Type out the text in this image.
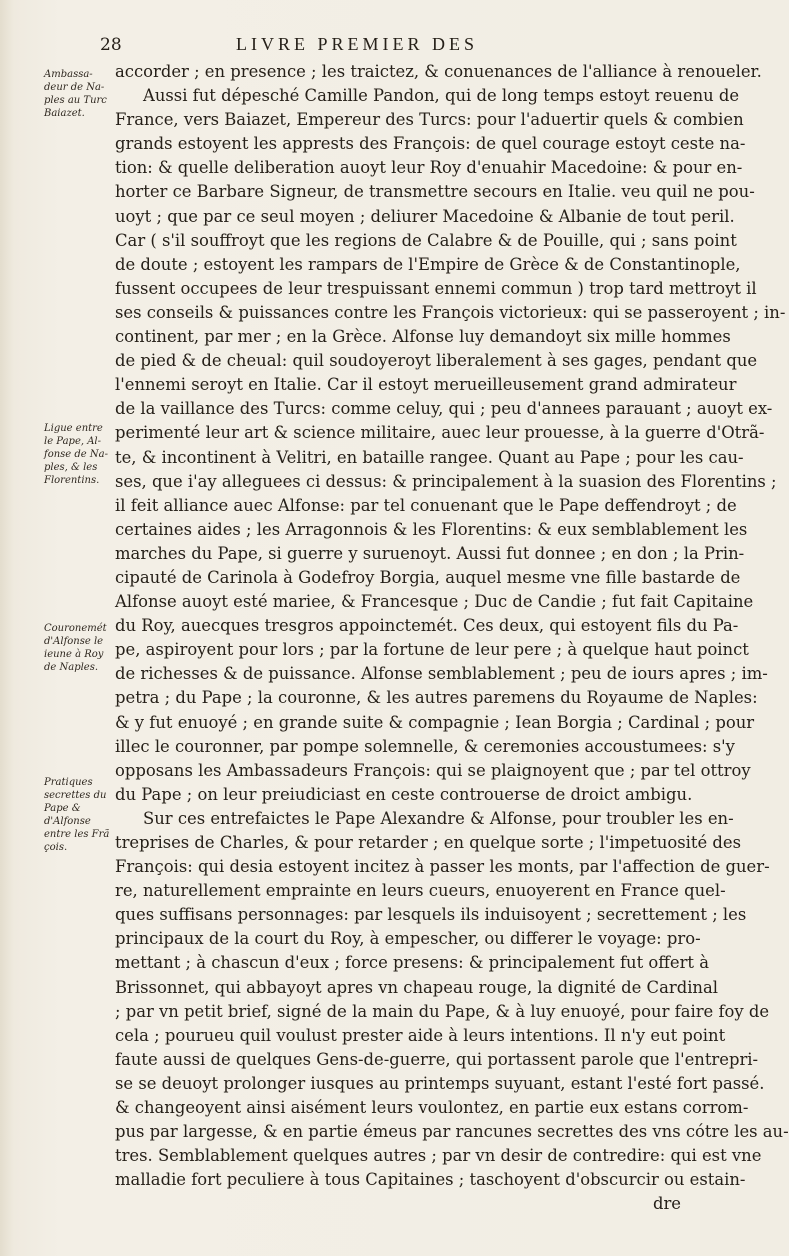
28	LIVRE PREMIER DES
Ambassa-
deur de Na-
ples au Turc
Baiazet.
Ligue entre
le Pape, Al-
fonse de Na-
ples, & les
Florentins.
Couronemét
d'Alfonse le
ieune à Roy
de Naples.
Pratiques
secrettes du
Pape &
d'Alfonse
entre les Frã
çois.
accorder ; en presence ; les traictez, & conuenances de l'alliance à renoueler.
Aussi fut dépesché Camille Pandon, qui de long temps estoyt reuenu de
France, vers Baiazet, Empereur des Turcs: pour l'aduertir quels & combien
grands estoyent les apprests des François: de quel courage estoyt ceste na-
tion: & quelle deliberation auoyt leur Roy d'enuahir Macedoine: & pour en-
horter ce Barbare Signeur, de transmettre secours en Italie. veu quil ne pou-
uoyt ; que par ce seul moyen ; deliurer Macedoine & Albanie de tout peril.
Car ( s'il souffroyt que les regions de Calabre & de Pouille, qui ; sans point
de doute ; estoyent les rampars de l'Empire de Grèce & de Constantinople,
fussent occupees de leur trespuissant ennemi commun ) trop tard mettroyt il
ses conseils & puissances contre les François victorieux: qui se passeroyent ; in-
continent, par mer ; en la Grèce. Alfonse luy demandoyt six mille hommes
de pied & de cheual: quil soudoyeroyt liberalement à ses gages, pendant que
l'ennemi seroyt en Italie. Car il estoyt merueilleusement grand admirateur
de la vaillance des Turcs: comme celuy, qui ; peu d'annees parauant ; auoyt ex-
perimenté leur art & science militaire, auec leur prouesse, à la guerre d'Otrã-
te, & incontinent à Velitri, en bataille rangee. Quant au Pape ; pour les cau-
ses, que i'ay alleguees ci dessus: & principalement à la suasion des Florentins ;
il feit alliance auec Alfonse: par tel conuenant que le Pape deffendroyt ; de
certaines aides ; les Arragonnois & les Florentins: & eux semblablement les
marches du Pape, si guerre y suruenoyt. Aussi fut donnee ; en don ; la Prin-
cipauté de Carinola à Godefroy Borgia, auquel mesme vne fille bastarde de
Alfonse auoyt esté mariee, & Francesque ; Duc de Candie ; fut fait Capitaine
du Roy, auecques tresgros appoinctemét. Ces deux, qui estoyent fils du Pa-
pe, aspiroyent pour lors ; par la fortune de leur pere ; à quelque haut poinct
de richesses & de puissance. Alfonse semblablement ; peu de iours apres ; im-
petra ; du Pape ; la couronne, & les autres paremens du Royaume de Naples:
& y fut enuoyé ; en grande suite & compagnie ; Iean Borgia ; Cardinal ; pour
illec le couronner, par pompe solemnelle, & ceremonies accoustumees: s'y
opposans les Ambassadeurs François: qui se plaignoyent que ; par tel ottroy
du Pape ; on leur preiudiciast en ceste controuerse de droict ambigu.
Sur ces entrefaictes le Pape Alexandre & Alfonse, pour troubler les en-
treprises de Charles, & pour retarder ; en quelque sorte ; l'impetuosité des
François: qui desia estoyent incitez à passer les monts, par l'affection de guer-
re, naturellement emprainte en leurs cueurs, enuoyerent en France quel-
ques suffisans personnages: par lesquels ils induisoyent ; secrettement ; les
principaux de la court du Roy, à empescher, ou differer le voyage: pro-
mettant ; à chascun d'eux ; force presens: & principalement fut offert à
Brissonnet, qui abbayoyt apres vn chapeau rouge, la dignité de Cardinal
; par vn petit brief, signé de la main du Pape, & à luy enuoyé, pour faire foy de
cela ; pourueu quil voulust prester aide à leurs intentions. Il n'y eut point
faute aussi de quelques Gens-de-guerre, qui portassent parole que l'entrepri-
se se deuoyt prolonger iusques au printemps suyuant, estant l'esté fort passé.
& changeoyent ainsi aisément leurs voulontez, en partie eux estans corrom-
pus par largesse, & en partie émeus par rancunes secrettes des vns cótre les au-
tres. Semblablement quelques autres ; par vn desir de contredire: qui est vne
malladie fort peculiere à tous Capitaines ; taschoyent d'obscurcir ou estain-
dre
